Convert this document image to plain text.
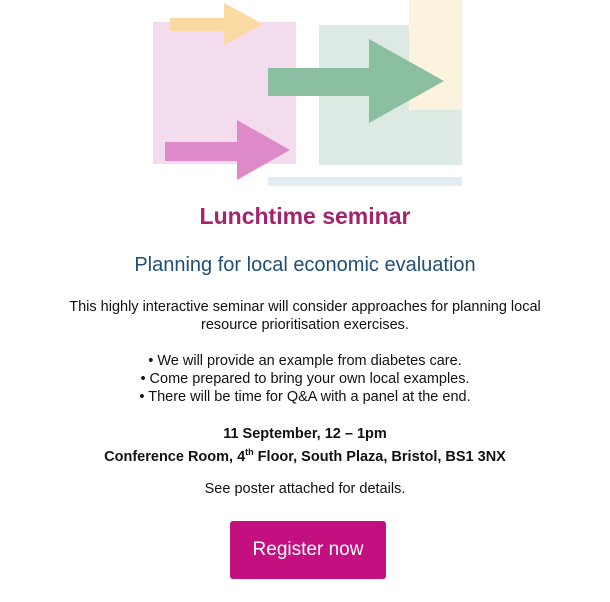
Lunchtime seminar
Planning for local economic evaluation
This highly interactive seminar will consider approaches for planning local resource prioritisation exercises.
• We will provide an example from diabetes care.
• Come prepared to bring your own local examples.
• There will be time for Q&A with a panel at the end.
11 September, 12 – 1pm
Conference Room, 4th Floor, South Plaza, Bristol, BS1 3NX
See poster attached for details.
Register now
